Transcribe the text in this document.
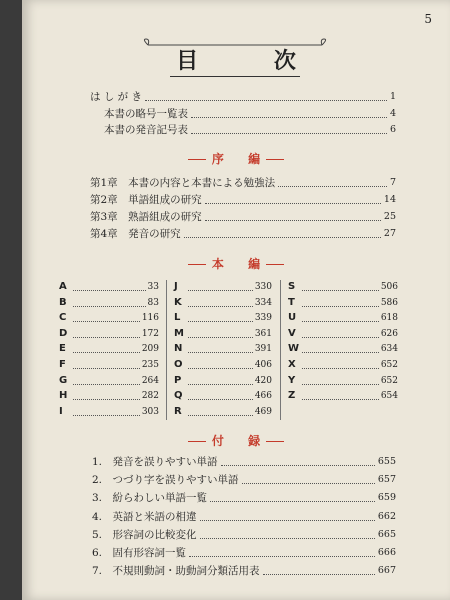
5
目 次
は し が き	1
本書の略号一覧表	4
本書の発音記号表	6
序 編
第1章　本書の内容と本書による勉強法	7
第2章　単語組成の研究	14
第3章　熟語組成の研究	25
第4章　発音の研究	27
本 編
A	33
B	83
C	116
D	172
E	209
F	235
G	264
H	282
I	303
J	330
K	334
L	339
M	361
N	391
O	406
P	420
Q	466
R	469
S	506
T	586
U	618
V	626
W	634
X	652
Y	652
Z	654
付 録
1.　発音を誤りやすい単語	655
2.　つづり字を誤りやすい単語	657
3.　紛らわしい単語一覧	659
4.　英語と米語の相違	662
5.　形容詞の比較変化	665
6.　固有形容詞一覧	666
7.　不規則動詞・助動詞分類活用表	667
